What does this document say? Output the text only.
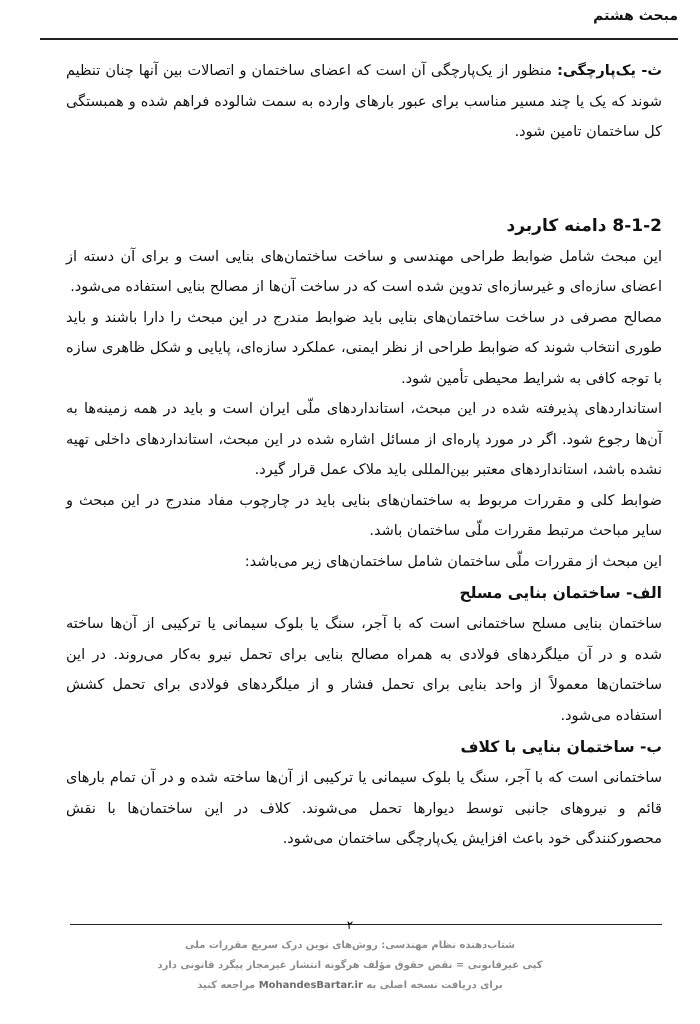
مبحث هشتم

ث- یک‌پارچگی: منظور از یک‌پارچگی آن است که اعضای ساختمان و اتصالات بین آنها چنان تنظیم شوند که یک یا چند مسیر مناسب برای عبور بارهای وارده به سمت شالوده فراهم شده و همبستگی کل ساختمان تامین شود.

8-1-2 دامنه کاربرد

این مبحث شامل ضوابط طراحی مهندسی و ساخت ساختمان‌های بنایی است و برای آن دسته از اعضای سازه‌ای و غیرسازه‌ای تدوین شده است که در ساخت آن‌ها از مصالح بنایی استفاده می‌شود.

مصالح مصرفی در ساخت ساختمان‌های بنایی باید ضوابط مندرج در این مبحث را دارا باشند و باید طوری انتخاب شوند که ضوابط طراحی از نظر ایمنی، عملکرد سازه‌ای، پایایی و شکل ظاهری سازه با توجه کافی به شرایط محیطی تأمین شود.

استانداردهای پذیرفته شده در این مبحث، استانداردهای ملّی ایران است و باید در همه زمینه‌ها به آن‌ها رجوع شود. اگر در مورد پاره‌ای از مسائل اشاره شده در این مبحث، استانداردهای داخلی تهیه نشده باشد، استانداردهای معتبر بین‌المللی باید ملاک عمل قرار گیرد.

ضوابط کلی و مقررات مربوط به ساختمان‌های بنایی باید در چارچوب مفاد مندرج در این مبحث و سایر مباحث مرتبط مقررات ملّی ساختمان باشد.

این مبحث از مقررات ملّی ساختمان شامل ساختمان‌های زیر می‌باشد:

الف- ساختمان بنایی مسلح

ساختمان بنایی مسلح ساختمانی است که با آجر، سنگ یا بلوک سیمانی یا ترکیبی از آن‌ها ساخته شده و در آن میلگردهای فولادی به همراه مصالح بنایی برای تحمل نیرو به‌کار می‌روند. در این ساختمان‌ها معمولاً از واحد بنایی برای تحمل فشار و از میلگردهای فولادی برای تحمل کشش استفاده می‌شود.

ب- ساختمان بنایی با کلاف

ساختمانی است که با آجر، سنگ یا بلوک سیمانی یا ترکیبی از آن‌ها ساخته شده و در آن تمام بارهای قائم و نیروهای جانبی توسط دیوارها تحمل می‌شوند. کلاف در این ساختمان‌ها با نقش محصورکنندگی خود باعث افزایش یک‌پارچگی ساختمان می‌شود.

۲
شتاب‌دهنده نظام مهندسی: روش‌های نوین درک سریع مقررات ملی
کپی غیرقانونی = نقض حقوق مؤلف هرگونه انتشار غیرمجاز پیگرد قانونی دارد
برای دریافت نسخه اصلی به MohandesBartar.ir مراجعه کنید
